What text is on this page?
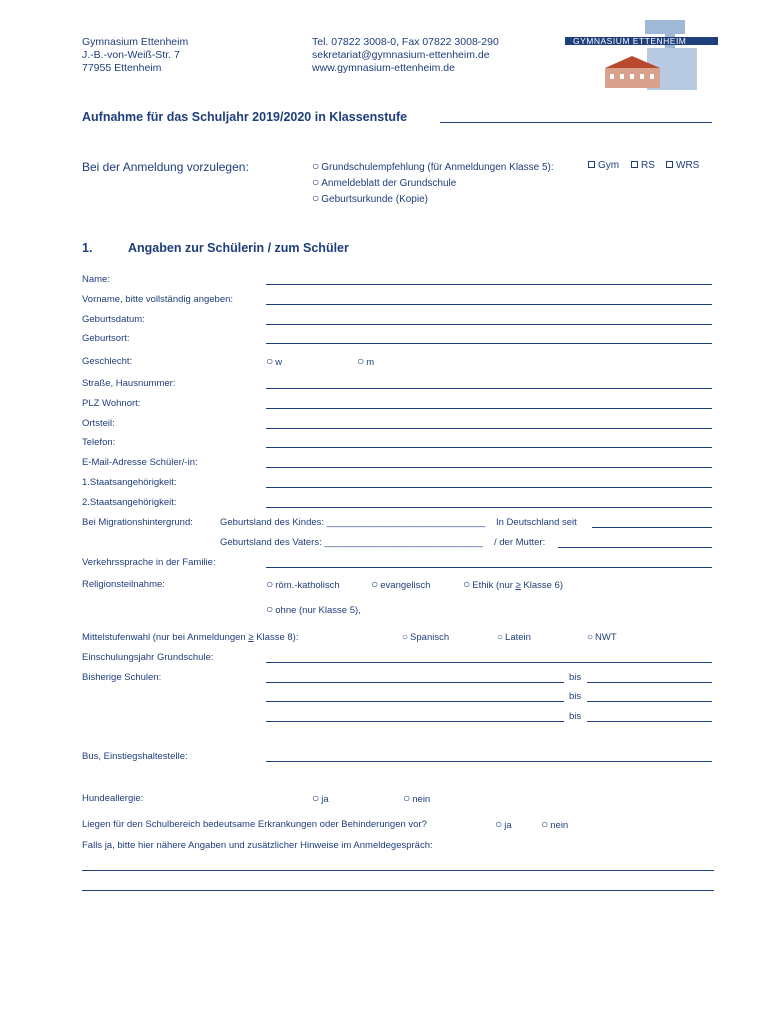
Gymnasium Ettenheim
J.-B.-von-Weiß-Str. 7
77955 Ettenheim
Tel. 07822 3008-0, Fax 07822 3008-290
sekretariat@gymnasium-ettenheim.de
www.gymnasium-ettenheim.de
GYMNASIUM ETTENHEIM
Aufnahme für das Schuljahr 2019/2020 in Klassenstufe
Bei der Anmeldung vorzulegen:	○ Grundschulempfehlung (für Anmeldungen Klasse 5):	Gym	RS	WRS
○ Anmeldeblatt der Grundschule
○ Geburtsurkunde (Kopie)
1.	Angaben zur Schülerin / zum Schüler
Name:
Vorname, bitte vollständig angeben:
Geburtsdatum:
Geburtsort:
Geschlecht:	○ w	○ m
Straße, Hausnummer:
PLZ Wohnort:
Ortsteil:
Telefon:
E-Mail-Adresse Schüler/-in:
1.Staatsangehörigkeit:
2.Staatsangehörigkeit:
Bei Migrationshintergrund:	Geburtsland des Kindes: ______________________________ In Deutschland seit
Geburtsland des Vaters: ______________________________ / der Mutter:
Verkehrssprache in der Familie:
Religionsteilnahme:	○ röm.-katholisch	○ evangelisch	○ Ethik (nur ≥ Klasse 6)
○ ohne (nur Klasse 5),
Mittelstufenwahl (nur bei Anmeldungen ≥ Klasse 8):	○ Spanisch	○ Latein	○ NWT
Einschulungsjahr Grundschule:
Bisherige Schulen:	bis
bis
bis
Bus, Einstiegshaltestelle:
Hundeallergie:	○ ja	○ nein
Liegen für den Schulbereich bedeutsame Erkrankungen oder Behinderungen vor?	○ ja ○ nein
Falls ja, bitte hier nähere Angaben und zusätzlicher Hinweise im Anmeldegespräch:
